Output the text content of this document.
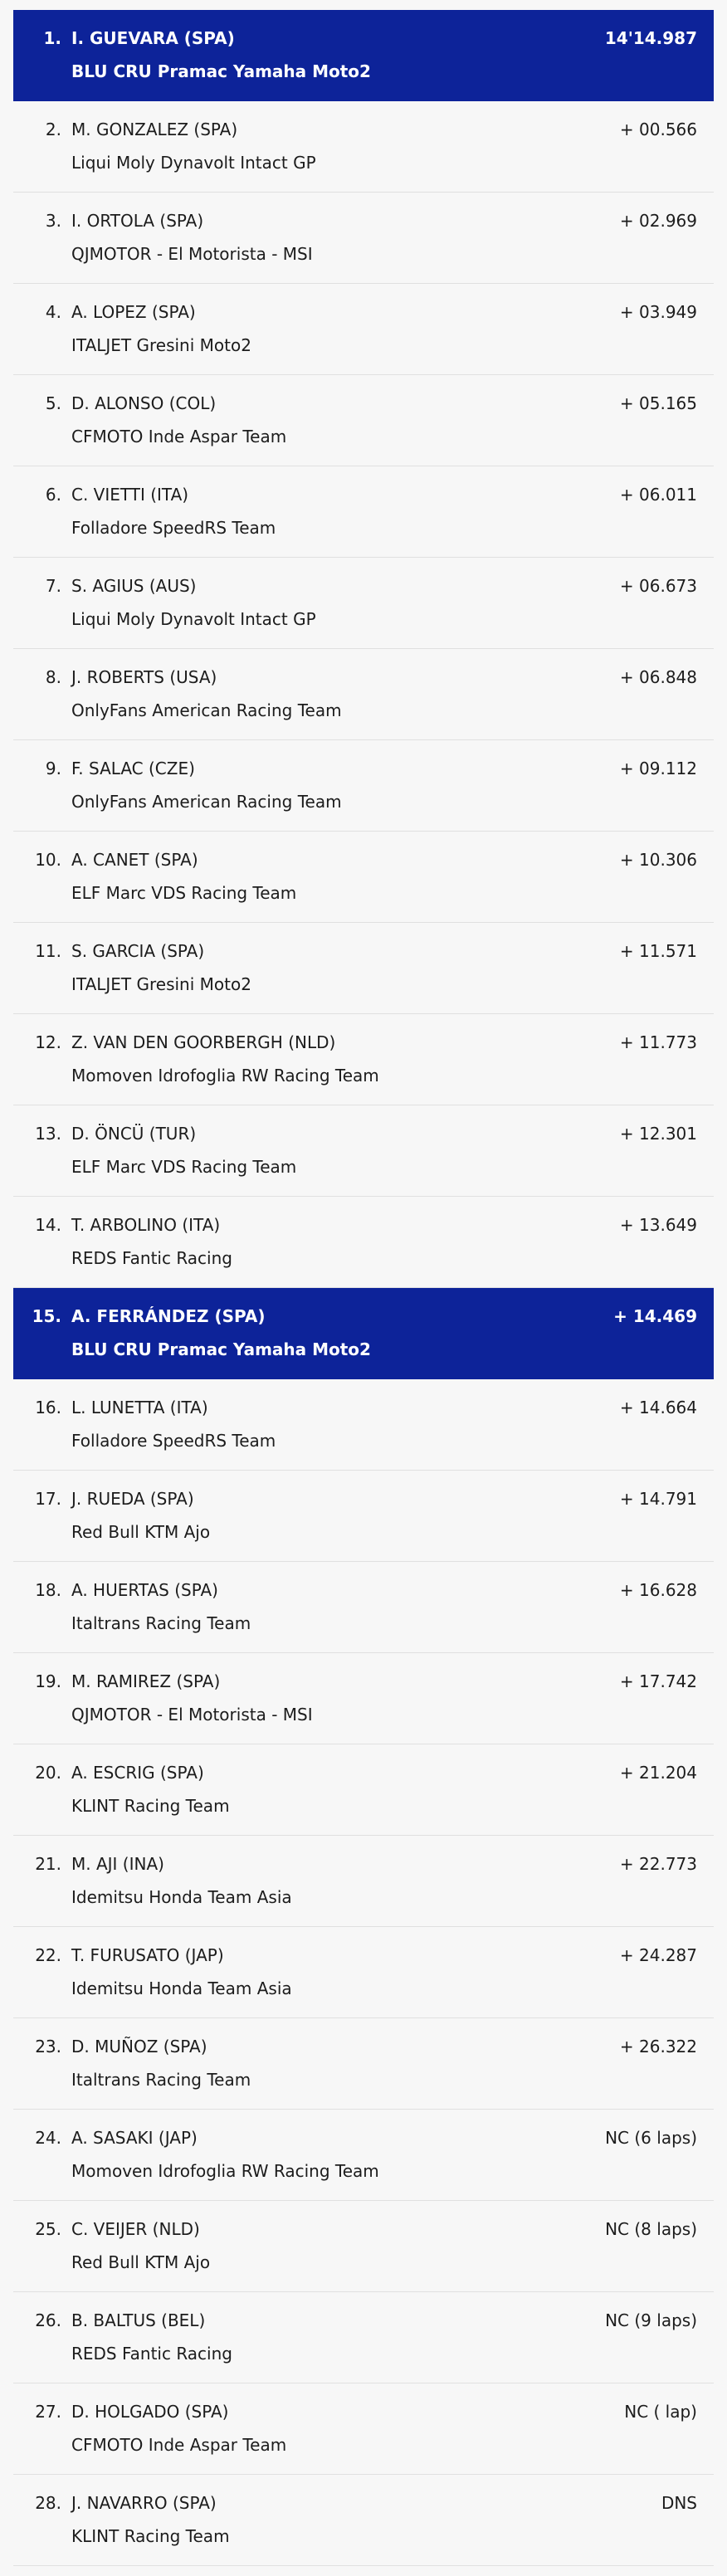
1. I. GUEVARA (SPA)
BLU CRU Pramac Yamaha Moto2
14'14.987
2. M. GONZALEZ (SPA)
Liqui Moly Dynavolt Intact GP
+ 00.566
3. I. ORTOLA (SPA)
QJMOTOR - El Motorista - MSI
+ 02.969
4. A. LOPEZ (SPA)
ITALJET Gresini Moto2
+ 03.949
5. D. ALONSO (COL)
CFMOTO Inde Aspar Team
+ 05.165
6. C. VIETTI (ITA)
Folladore SpeedRS Team
+ 06.011
7. S. AGIUS (AUS)
Liqui Moly Dynavolt Intact GP
+ 06.673
8. J. ROBERTS (USA)
OnlyFans American Racing Team
+ 06.848
9. F. SALAC (CZE)
OnlyFans American Racing Team
+ 09.112
10. A. CANET (SPA)
ELF Marc VDS Racing Team
+ 10.306
11. S. GARCIA (SPA)
ITALJET Gresini Moto2
+ 11.571
12. Z. VAN DEN GOORBERGH (NLD)
Momoven Idrofoglia RW Racing Team
+ 11.773
13. D. ÖNCÜ (TUR)
ELF Marc VDS Racing Team
+ 12.301
14. T. ARBOLINO (ITA)
REDS Fantic Racing
+ 13.649
15. A. FERRÁNDEZ (SPA)
BLU CRU Pramac Yamaha Moto2
+ 14.469
16. L. LUNETTA (ITA)
Folladore SpeedRS Team
+ 14.664
17. J. RUEDA (SPA)
Red Bull KTM Ajo
+ 14.791
18. A. HUERTAS (SPA)
Italtrans Racing Team
+ 16.628
19. M. RAMIREZ (SPA)
QJMOTOR - El Motorista - MSI
+ 17.742
20. A. ESCRIG (SPA)
KLINT Racing Team
+ 21.204
21. M. AJI (INA)
Idemitsu Honda Team Asia
+ 22.773
22. T. FURUSATO (JAP)
Idemitsu Honda Team Asia
+ 24.287
23. D. MUÑOZ (SPA)
Italtrans Racing Team
+ 26.322
24. A. SASAKI (JAP)
Momoven Idrofoglia RW Racing Team
NC (6 laps)
25. C. VEIJER (NLD)
Red Bull KTM Ajo
NC (8 laps)
26. B. BALTUS (BEL)
REDS Fantic Racing
NC (9 laps)
27. D. HOLGADO (SPA)
CFMOTO Inde Aspar Team
NC ( lap)
28. J. NAVARRO (SPA)
KLINT Racing Team
DNS
